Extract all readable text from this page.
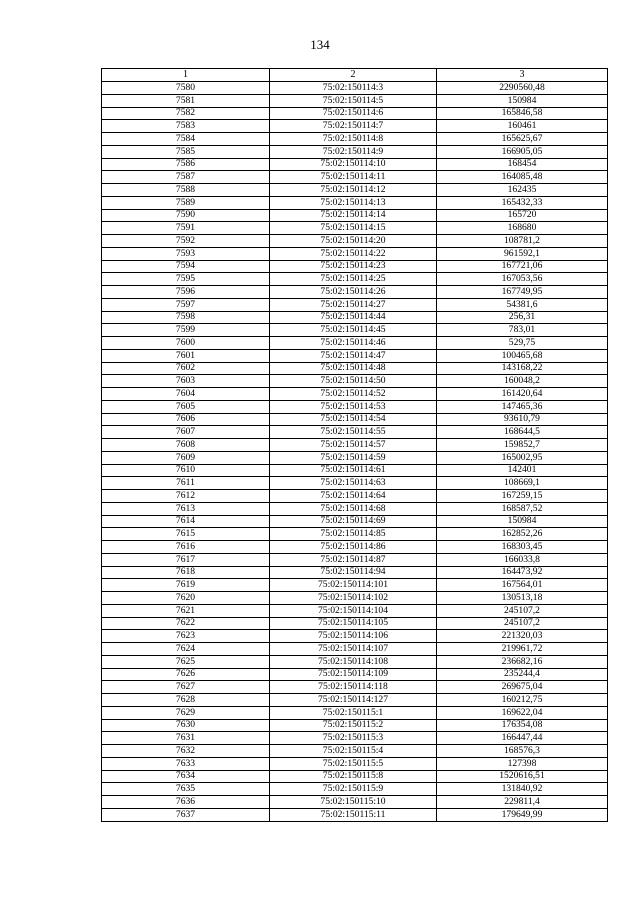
134
1	2	3
7580	75:02:150114:3	2290560,48
7581	75:02:150114:5	150984
7582	75:02:150114:6	165846,58
7583	75:02:150114:7	160461
7584	75:02:150114:8	165625,67
7585	75:02:150114:9	166905,05
7586	75:02:150114:10	168454
7587	75:02:150114:11	164085,48
7588	75:02:150114:12	162435
7589	75:02:150114:13	165432,33
7590	75:02:150114:14	165720
7591	75:02:150114:15	168680
7592	75:02:150114:20	108781,2
7593	75:02:150114:22	961592,1
7594	75:02:150114:23	167721,06
7595	75:02:150114:25	167053,56
7596	75:02:150114:26	167749,95
7597	75:02:150114:27	54381,6
7598	75:02:150114:44	256,31
7599	75:02:150114:45	783,01
7600	75:02:150114:46	529,75
7601	75:02:150114:47	100465,68
7602	75:02:150114:48	143168,22
7603	75:02:150114:50	160048,2
7604	75:02:150114:52	161420,64
7605	75:02:150114:53	147465,36
7606	75:02:150114:54	93610,79
7607	75:02:150114:55	168644,5
7608	75:02:150114:57	159852,7
7609	75:02:150114:59	165002,95
7610	75:02:150114:61	142401
7611	75:02:150114:63	108669,1
7612	75:02:150114:64	167259,15
7613	75:02:150114:68	168587,52
7614	75:02:150114:69	150984
7615	75:02:150114:85	162852,26
7616	75:02:150114:86	168303,45
7617	75:02:150114:87	166033,8
7618	75:02:150114:94	164473,92
7619	75:02:150114:101	167564,01
7620	75:02:150114:102	130513,18
7621	75:02:150114:104	245107,2
7622	75:02:150114:105	245107,2
7623	75:02:150114:106	221320,03
7624	75:02:150114:107	219961,72
7625	75:02:150114:108	236682,16
7626	75:02:150114:109	235244,4
7627	75:02:150114:118	269675,04
7628	75:02:150114:127	160212,75
7629	75:02:150115:1	169622,04
7630	75:02:150115:2	176354,08
7631	75:02:150115:3	166447,44
7632	75:02:150115:4	168576,3
7633	75:02:150115:5	127398
7634	75:02:150115:8	1520616,51
7635	75:02:150115:9	131840,92
7636	75:02:150115:10	229811,4
7637	75:02:150115:11	179649,99
